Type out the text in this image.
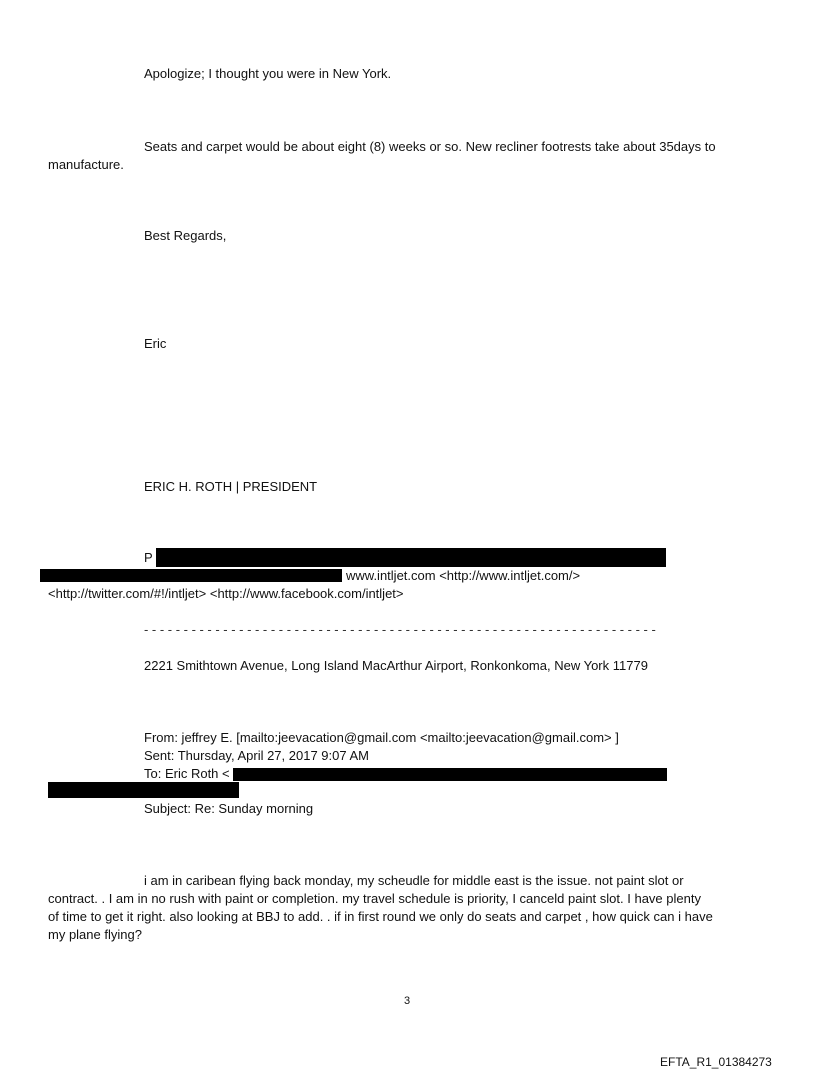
Apologize; I thought you were in New York.
Seats and carpet would be about eight (8) weeks or so. New recliner footrests take about 35days to
manufacture.
Best Regards,
Eric
ERIC H. ROTH | PRESIDENT
P
www.intljet.com <http://www.intljet.com/>
<http://twitter.com/#!/intljet> <http://www.facebook.com/intljet>
-----------------------------------------------------------------
2221 Smithtown Avenue, Long Island MacArthur Airport, Ronkonkoma, New York 11779
From: jeffrey E. [mailto:jeevacation@gmail.com <mailto:jeevacation@gmail.com> ]
Sent: Thursday, April 27, 2017 9:07 AM
To: Eric Roth <
Subject: Re: Sunday morning
i am in caribean flying back monday, my scheudle for middle east is the issue. not paint slot or
contract. . I am in no rush with paint or completion. my travel schedule is priority, I canceld paint slot. I have plenty
of time to get it right. also looking at BBJ to add. . if in first round we only do seats and carpet , how quick can i have
my plane flying?
3
EFTA_R1_01384273
